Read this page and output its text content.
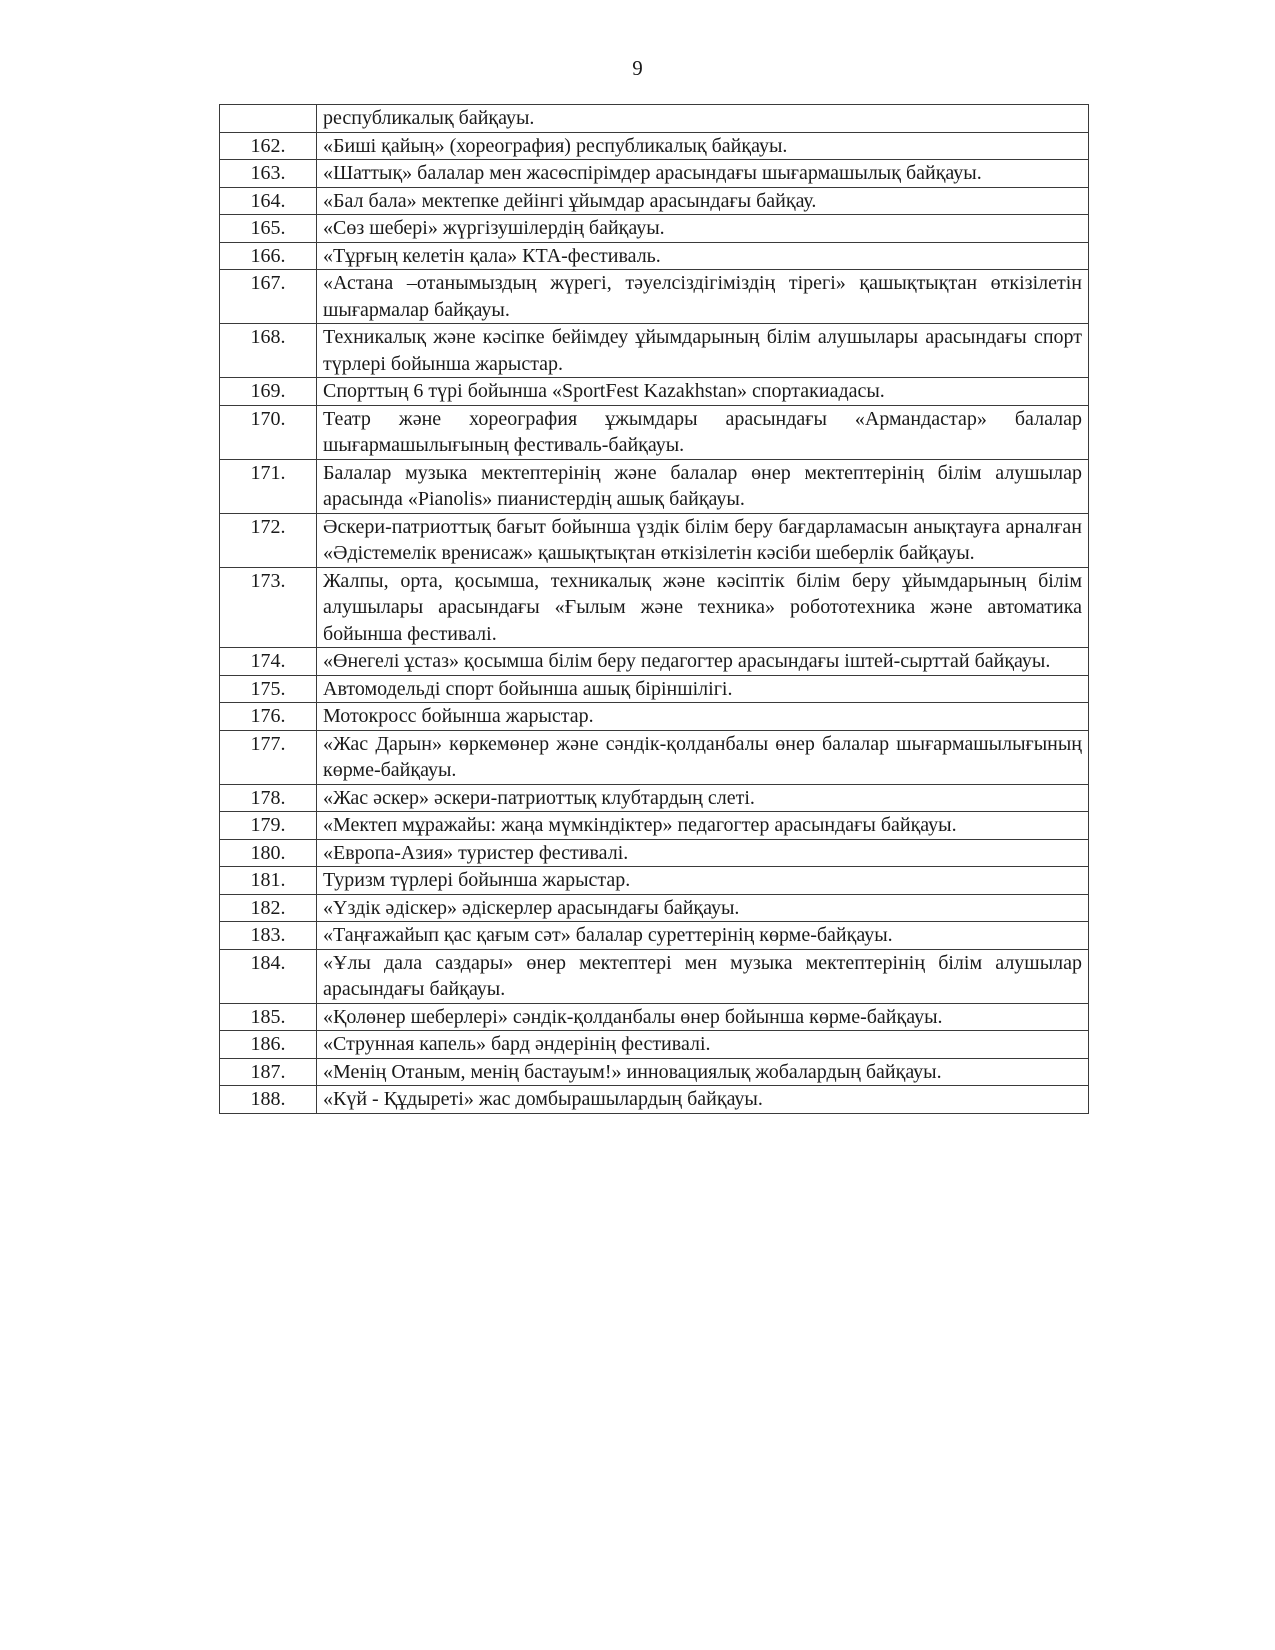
9
	республикалық байқауы.
162.	«Биші қайың» (хореография) республикалық байқауы.
163.	«Шаттық» балалар мен жасөспірімдер арасындағы шығармашылық байқауы.
164.	«Бал бала» мектепке дейінгі ұйымдар арасындағы байқау.
165.	«Сөз шебері» жүргізушілердің байқауы.
166.	«Тұрғың келетін қала» КТА-фестиваль.
167.	«Астана –отанымыздың жүрегі, тәуелсіздігіміздің тірегі» қашықтықтан өткізілетін шығармалар байқауы.
168.	Техникалық және кәсіпке бейімдеу ұйымдарының білім алушылары арасындағы спорт түрлері бойынша жарыстар.
169.	Спорттың 6 түрі бойынша «SportFest Kazakhstan» спортакиадасы.
170.	Театр және хореография ұжымдары арасындағы «Армандастар» балалар шығармашылығының фестиваль-байқауы.
171.	Балалар музыка мектептерінің және балалар өнер мектептерінің білім алушылар арасында «Pianolis» пианистердің ашық байқауы.
172.	Әскери-патриоттық бағыт бойынша үздік білім беру бағдарламасын анықтауға арналған «Әдістемелік вренисаж» қашықтықтан өткізілетін кәсіби шеберлік байқауы.
173.	Жалпы, орта, қосымша, техникалық және кәсіптік білім беру ұйымдарының білім алушылары арасындағы «Ғылым және техника» робототехника және автоматика бойынша фестивалі.
174.	«Өнегелі ұстаз» қосымша білім беру педагогтер арасындағы іштей-сырттай байқауы.
175.	Автомодельді спорт бойынша ашық біріншілігі.
176.	Мотокросс бойынша жарыстар.
177.	«Жас Дарын» көркемөнер және сәндік-қолданбалы өнер балалар шығармашылығының көрме-байқауы.
178.	«Жас әскер» әскери-патриоттық клубтардың слеті.
179.	«Мектеп мұражайы: жаңа мүмкіндіктер» педагогтер арасындағы байқауы.
180.	«Европа-Азия» туристер фестивалі.
181.	Туризм түрлері бойынша жарыстар.
182.	«Үздік әдіскер» әдіскерлер арасындағы байқауы.
183.	«Таңғажайып қас қағым сәт» балалар суреттерінің көрме-байқауы.
184.	«Ұлы дала саздары» өнер мектептері мен музыка мектептерінің білім алушылар арасындағы байқауы.
185.	«Қолөнер шеберлері» сәндік-қолданбалы өнер бойынша көрме-байқауы.
186.	«Струнная капель» бард әндерінің фестивалі.
187.	«Менің Отаным, менің бастауым!» инновациялық жобалардың байқауы.
188.	«Күй - Құдыреті» жас домбырашылардың байқауы.
